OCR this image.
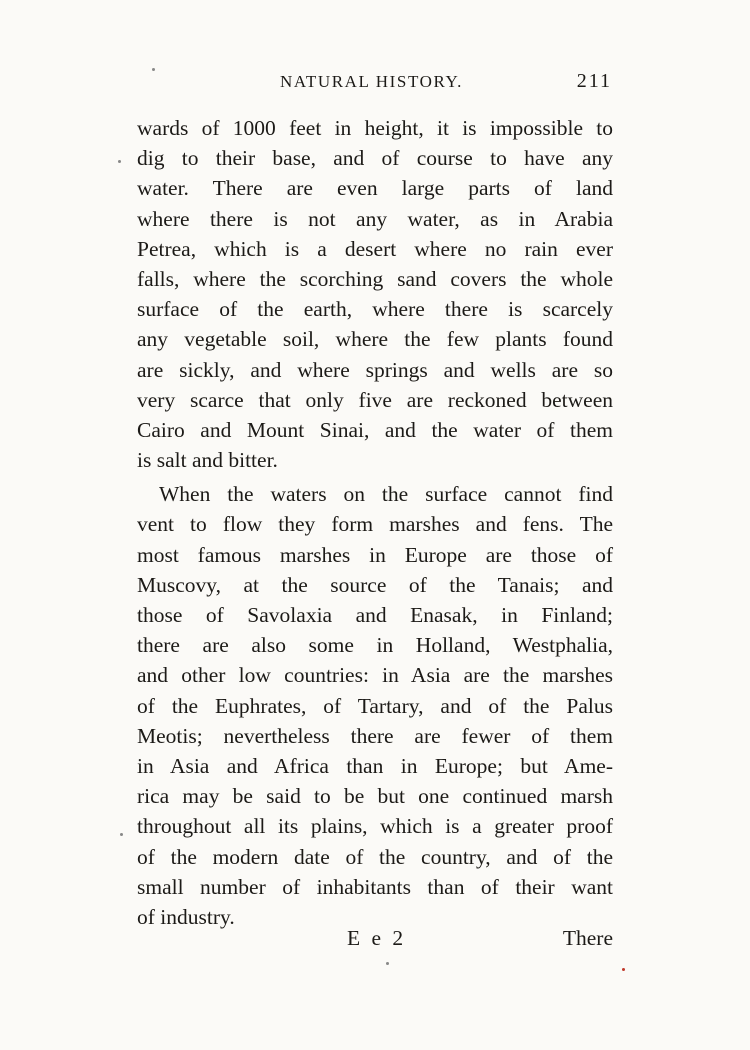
NATURAL HISTORY.	211
wards of 1000 feet in height, it is impossible to
dig to their base, and of course to have any
water. There are even large parts of land
where there is not any water, as in Arabia
Petrea, which is a desert where no rain ever
falls, where the scorching sand covers the whole
surface of the earth, where there is scarcely
any vegetable soil, where the few plants found
are sickly, and where springs and wells are so
very scarce that only five are reckoned between
Cairo and Mount Sinai, and the water of them
is salt and bitter.
When the waters on the surface cannot find
vent to flow they form marshes and fens. The
most famous marshes in Europe are those of
Muscovy, at the source of the Tanais; and
those of Savolaxia and Enasak, in Finland;
there are also some in Holland, Westphalia,
and other low countries: in Asia are the marshes
of the Euphrates, of Tartary, and of the Palus
Meotis; nevertheless there are fewer of them
in Asia and Africa than in Europe; but Ame-
rica may be said to be but one continued marsh
throughout all its plains, which is a greater proof
of the modern date of the country, and of the
small number of inhabitants than of their want
of industry.
E e 2	There
